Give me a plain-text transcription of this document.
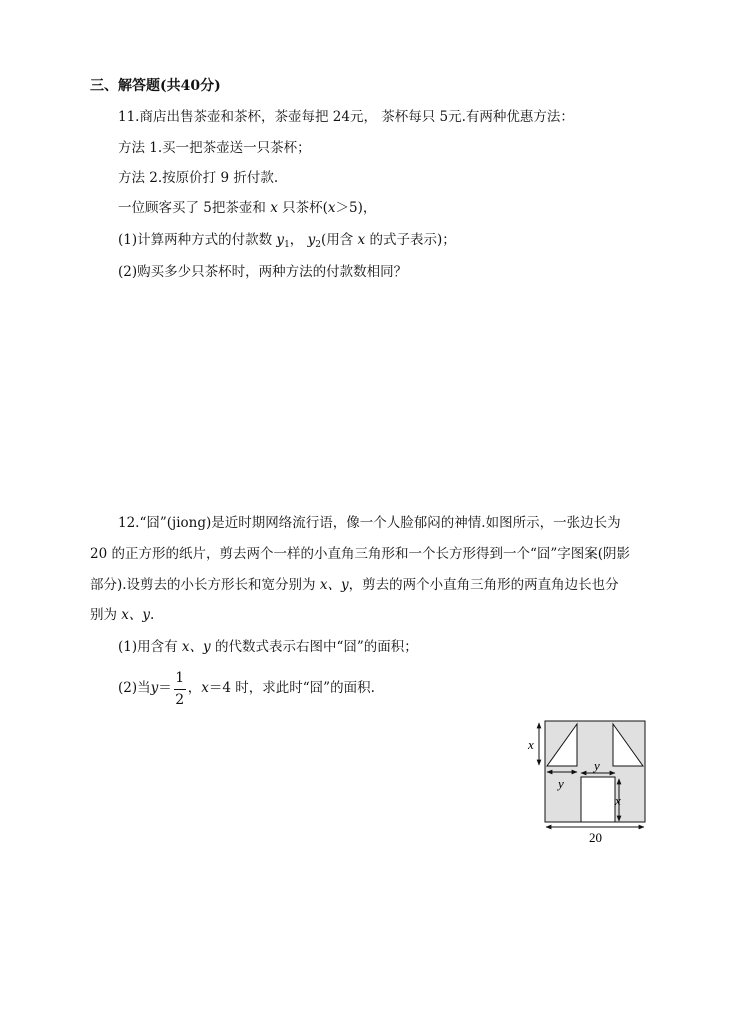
三、解答题(共40分)
11.商店出售茶壶和茶杯，茶壶每把 24元， 茶杯每只 5元.有两种优惠方法：
方法 1.买一把茶壶送一只茶杯；
方法 2.按原价打 9 折付款.
一位顾客买了 5把茶壶和 x 只茶杯(x＞5)，
(1)计算两种方式的付款数 $y_1$， $y_2$(用含 x 的式子表示)；
(2)购买多少只茶杯时，两种方法的付款数相同？
12.“囧”(jiong)是近时期网络流行语，像一个人脸郁闷的神情.如图所示，一张边长为
20 的正方形的纸片，剪去两个一样的小直角三角形和一个长方形得到一个“囧”字图案(阴影
部分).设剪去的小长方形长和宽分别为 x、y，剪去的两个小直角三角形的两直角边长也分
别为 x、y.
(1)用含有 x、y 的代数式表示右图中“囧”的面积；
(2)当$y= \frac{1}{2}$ ，x＝4 时，求此时“囧”的面积.
x
y
y
x
20
